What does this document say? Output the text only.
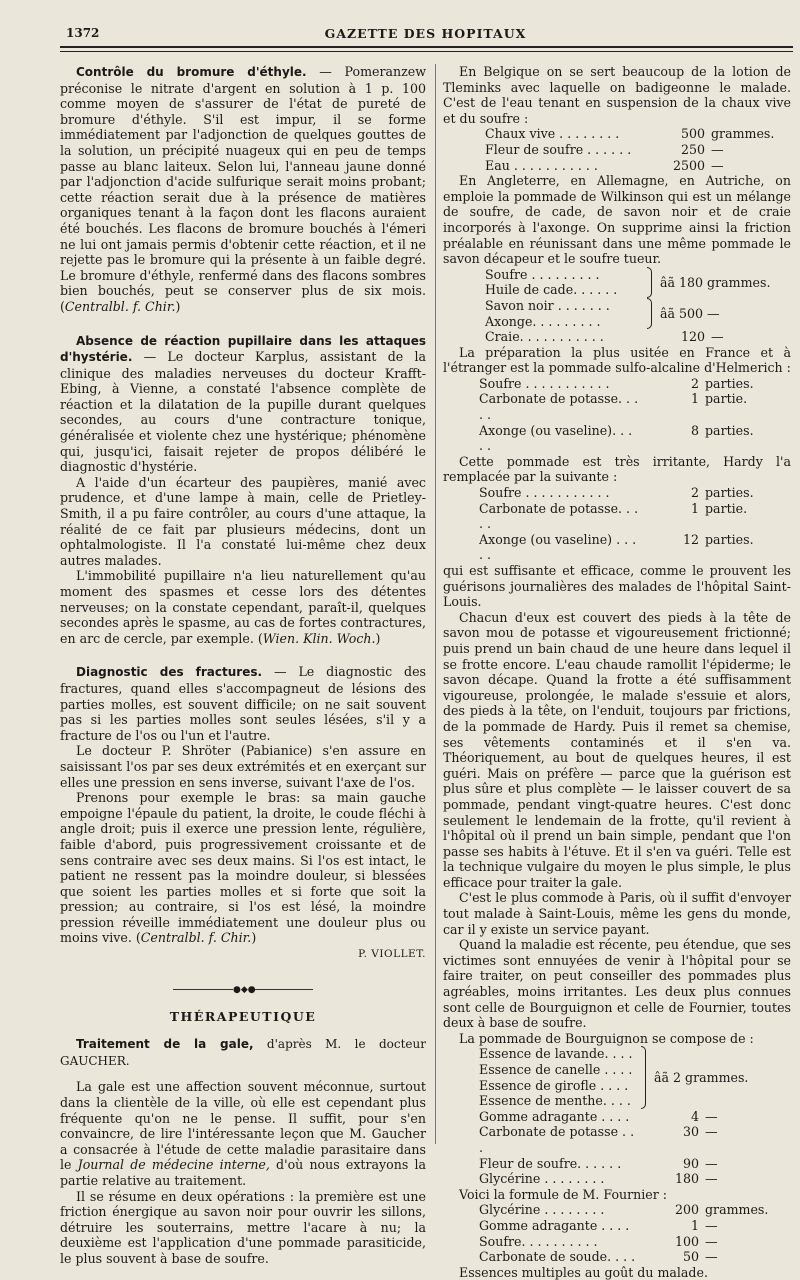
1372	GAZETTE DES HOPITAUX

Contrôle du bromure d'éthyle. — Pomeranzew préconise le nitrate d'argent en solution à 1 p. 100 comme moyen de s'assurer de l'état de pureté de bromure d'éthyle. S'il est impur, il se forme immédiatement par l'adjonction de quelques gouttes de la solution, un précipité nuageux qui en peu de temps passe au blanc laiteux. Selon lui, l'anneau jaune donné par l'adjonction d'acide sulfurique serait moins probant; cette réaction serait due à la présence de matières organiques tenant à la façon dont les flacons auraient été bouchés. Les flacons de bromure bouchés à l'émeri ne lui ont jamais permis d'obtenir cette réaction, et il ne rejette pas le bromure qui la présente à un faible degré. Le bromure d'éthyle, renfermé dans des flacons sombres bien bouchés, peut se conserver plus de six mois. (Centralbl. f. Chir.)

Absence de réaction pupillaire dans les attaques d'hystérie. — Le docteur Karplus, assistant de la clinique des maladies nerveuses du docteur Krafft-Ebing, à Vienne, a constaté l'absence complète de réaction et la dilatation de la pupille durant quelques secondes, au cours d'une contracture tonique, généralisée et violente chez une hystérique; phénomène qui, jusqu'ici, faisait rejeter de propos délibéré le diagnostic d'hystérie.

A l'aide d'un écarteur des paupières, manié avec prudence, et d'une lampe à main, celle de Prietley-Smith, il a pu faire contrôler, au cours d'une attaque, la réalité de ce fait par plusieurs médecins, dont un ophtalmologiste. Il l'a constaté lui-même chez deux autres malades.

L'immobilité pupillaire n'a lieu naturellement qu'au moment des spasmes et cesse lors des détentes nerveuses; on la constate cependant, paraît-il, quelques secondes après le spasme, au cas de fortes contractures, en arc de cercle, par exemple. (Wien. Klin. Woch.)

Diagnostic des fractures. — Le diagnostic des fractures, quand elles s'accompagneut de lésions des parties molles, est souvent difficile; on ne sait souvent pas si les parties molles sont seules lésées, s'il y a fracture de l'os ou l'un et l'autre.

Le docteur P. Shröter (Pabianice) s'en assure en saisissant l'os par ses deux extrémités et en exerçant sur elles une pression en sens inverse, suivant l'axe de l'os.

Prenons pour exemple le bras: sa main gauche empoigne l'épaule du patient, la droite, le coude fléchi à angle droit; puis il exerce une pression lente, régulière, faible d'abord, puis progressivement croissante et de sens contraire avec ses deux mains. Si l'os est intact, le patient ne ressent pas la moindre douleur, si blessées que soient les parties molles et si forte que soit la pression; au contraire, si l'os est lésé, la moindre pression réveille immédiatement une douleur plus ou moins vive. (Centralbl. f. Chir.)

P. VIOLLET.
●◆●
THÉRAPEUTIQUE

Traitement de la gale, d'après M. le docteur GAUCHER.

La gale est une affection souvent méconnue, surtout dans la clientèle de la ville, où elle est cependant plus fréquente qu'on ne le pense. Il suffit, pour s'en convaincre, de lire l'intéressante leçon que M. Gaucher a consacrée à l'étude de cette maladie parasitaire dans le Journal de médecine interne, d'où nous extrayons la partie relative au traitement.

Il se résume en deux opérations : la première est une friction énergique au savon noir pour ouvrir les sillons, détruire les souterrains, mettre l'acare à nu; la deuxième est l'application d'une pommade parasiticide, le plus souvent à base de soufre.

En Belgique on se sert beaucoup de la lotion de Tleminks avec laquelle on badigeonne le malade. C'est de l'eau tenant en suspension de la chaux vive et du soufre :

Chaux vive . . . . . . . .	500	grammes.
Fleur de soufre . . . . . .	250	—
Eau . . . . . . . . . . .	2500	—

En Angleterre, en Allemagne, en Autriche, on emploie la pommade de Wilkinson qui est un mélange de soufre, de cade, de savon noir et de craie incorporés à l'axonge. On supprime ainsi la friction préalable en réunissant dans une même pommade le savon décapeur et le soufre tueur.

Soufre . . . . . . . . .
Huile de cade. . . . . .
âã 180 grammes.
Savon noir . . . . . . .
Axonge. . . . . . . . .
âã 500 —
Craie. . . . . . . . . . .	120	—

La préparation la plus usitée en France et à l'étranger est la pommade sulfo-alcaline d'Helmerich :

Soufre . . . . . . . . . . .	2	parties.
Carbonate de potasse. . . . .	1	partie.
Axonge (ou vaseline). . . . .	8	parties.

Cette pommade est très irritante, Hardy l'a remplacée par la suivante :

Soufre . . . . . . . . . . .	2	parties.
Carbonate de potasse. . . . .	1	partie.
Axonge (ou vaseline) . . . . .	12	parties.

qui est suffisante et efficace, comme le prouvent les guérisons journalières des malades de l'hôpital Saint-Louis.

Chacun d'eux est couvert des pieds à la tête de savon mou de potasse et vigoureusement frictionné; puis prend un bain chaud de une heure dans lequel il se frotte encore. L'eau chaude ramollit l'épiderme; le savon décape. Quand la frotte a été suffisamment vigoureuse, prolongée, le malade s'essuie et alors, des pieds à la tête, on l'enduit, toujours par frictions, de la pommade de Hardy. Puis il remet sa chemise, ses vêtements contaminés et il s'en va. Théoriquement, au bout de quelques heures, il est guéri. Mais on préfère — parce que la guérison est plus sûre et plus complète — le laisser couvert de sa pommade, pendant vingt-quatre heures. C'est donc seulement le lendemain de la frotte, qu'il revient à l'hôpital où il prend un bain simple, pendant que l'on passe ses habits à l'étuve. Et il s'en va guéri. Telle est la technique vulgaire du moyen le plus simple, le plus efficace pour traiter la gale.

C'est le plus commode à Paris, où il suffit d'envoyer tout malade à Saint-Louis, même les gens du monde, car il y existe un service payant.

Quand la maladie est récente, peu étendue, que ses victimes sont ennuyées de venir à l'hôpital pour se faire traiter, on peut conseiller des pommades plus agréables, moins irritantes. Les deux plus connues sont celle de Bourguignon et celle de Fournier, toutes deux à base de soufre.

La pommade de Bourguignon se compose de :

Essence de lavande. . . .
Essence de canelle . . . .
Essence de girofle . . . .
Essence de menthe. . . .
âã 2 grammes.
Gomme adragante . . . .	4	—
Carbonate de potasse . . .	30	—
Fleur de soufre. . . . . .	90	—
Glycérine . . . . . . . .	180	—

Voici la formule de M. Fournier :

Glycérine . . . . . . . .	200	grammes.
Gomme adragante . . . .	1	—
Soufre. . . . . . . . . .	100	—
Carbonate de soude. . . .	50	—

Essences multiples au goût du malade.
